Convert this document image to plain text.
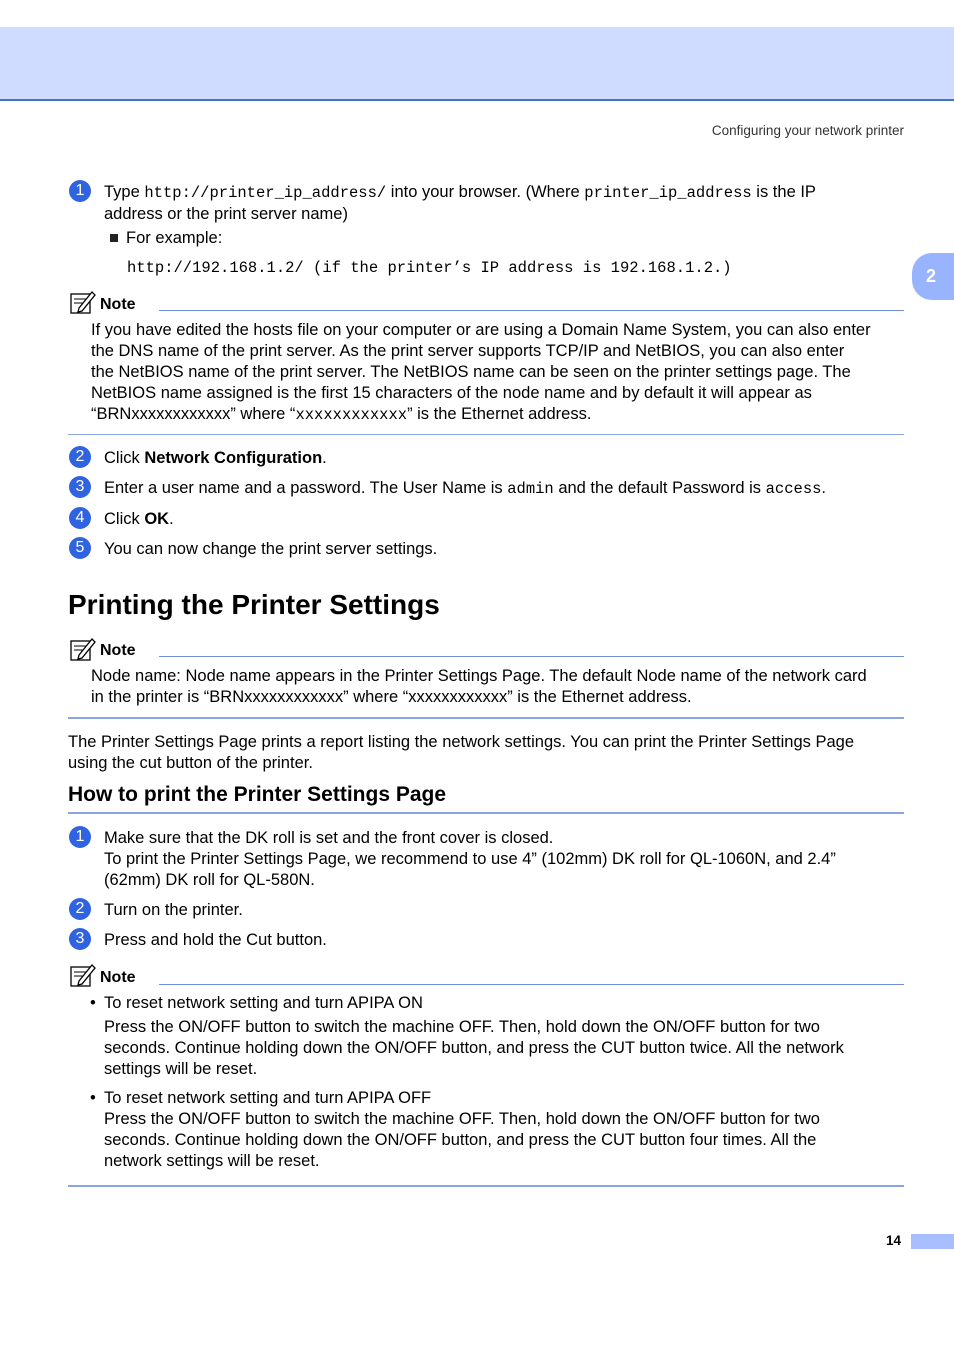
Configuring your network printer
2
1	Type http://printer_ip_address/ into your browser. (Where printer_ip_address is the IP
address or the print server name)
For example:
http://192.168.1.2/ (if the printer’s IP address is 192.168.1.2.)
Note
If you have edited the hosts file on your computer or are using a Domain Name System, you can also enter
the DNS name of the print server. As the print server supports TCP/IP and NetBIOS, you can also enter
the NetBIOS name of the print server. The NetBIOS name can be seen on the printer settings page. The
NetBIOS name assigned is the first 15 characters of the node name and by default it will appear as
“BRNxxxxxxxxxxxx” where “xxxxxxxxxxxx” is the Ethernet address.
2	Click Network Configuration.
3	Enter a user name and a password. The User Name is admin and the default Password is access.
4	Click OK.
5	You can now change the print server settings.
Printing the Printer Settings
Note
Node name: Node name appears in the Printer Settings Page. The default Node name of the network card
in the printer is “BRNxxxxxxxxxxxx” where “xxxxxxxxxxxx” is the Ethernet address.
The Printer Settings Page prints a report listing the network settings. You can print the Printer Settings Page
using the cut button of the printer.
How to print the Printer Settings Page
1	Make sure that the DK roll is set and the front cover is closed.
To print the Printer Settings Page, we recommend to use 4” (102mm) DK roll for QL-1060N, and 2.4”
(62mm) DK roll for QL-580N.
2	Turn on the printer.
3	Press and hold the Cut button.
Note
• To reset network setting and turn APIPA ON
Press the ON/OFF button to switch the machine OFF. Then, hold down the ON/OFF button for two
seconds. Continue holding down the ON/OFF button, and press the CUT button twice. All the network
settings will be reset.
• To reset network setting and turn APIPA OFF
Press the ON/OFF button to switch the machine OFF. Then, hold down the ON/OFF button for two
seconds. Continue holding down the ON/OFF button, and press the CUT button four times. All the
network settings will be reset.
14
